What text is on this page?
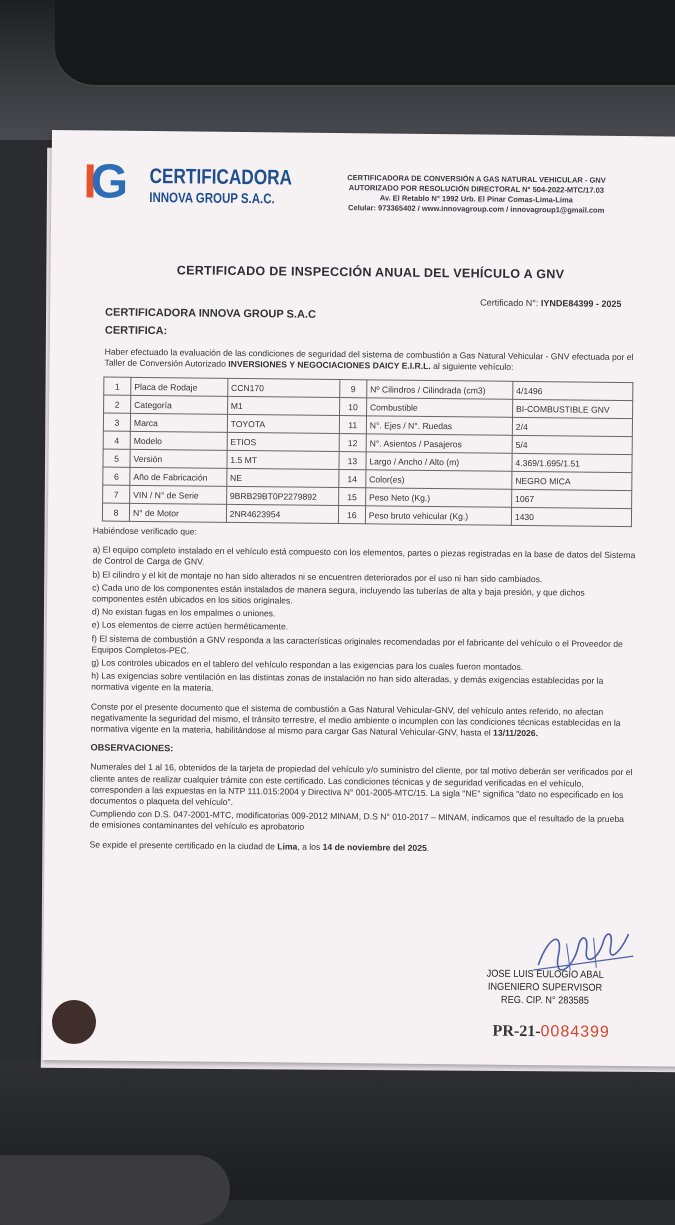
IG CERTIFICADORA
INNOVA GROUP S.A.C.
CERTIFICADORA DE CONVERSIÓN A GAS NATURAL VEHICULAR - GNV
AUTORIZADO POR RESOLUCIÓN DIRECTORAL N° 504-2022-MTC/17.03
Av. El Retablo N° 1992 Urb. El Pinar Comas-Lima-Lima
Celular: 973365402 / www.innovagroup.com / innovagroup1@gmail.com
CERTIFICADO DE INSPECCIÓN ANUAL DEL VEHÍCULO A GNV
Certificado N°: IYNDE84399 - 2025
CERTIFICADORA INNOVA GROUP S.A.C
CERTIFICA:
Haber efectuado la evaluación de las condiciones de seguridad del sistema de combustión a Gas Natural Vehicular - GNV efectuada por el Taller de Conversión Autorizado INVERSIONES Y NEGOCIACIONES DAICY E.I.R.L. al siguiente vehículo:
1	Placa de Rodaje	CCN170	9	Nº Cilindros / Cilindrada (cm3)	4/1496
2	Categoría	M1	10	Combustible	BI-COMBUSTIBLE GNV
3	Marca	TOYOTA	11	N°. Ejes / N°. Ruedas	2/4
4	Modelo	ETIOS	12	N°. Asientos / Pasajeros	5/4
5	Versión	1.5 MT	13	Largo / Ancho / Alto (m)	4.369/1.695/1.51
6	Año de Fabricación	NE	14	Color(es)	NEGRO MICA
7	VIN / N° de Serie	9BRB29BT0P2279892	15	Peso Neto (Kg.)	1067
8	N° de Motor	2NR4623954	16	Peso bruto vehicular (Kg.)	1430

Habiéndose verificado que:

a) El equipo completo instalado en el vehículo está compuesto con los elementos, partes o piezas registradas en la base de datos del Sistema de Control de Carga de GNV.

b) El cilindro y el kit de montaje no han sido alterados ni se encuentren deteriorados por el uso ni han sido cambiados.

c) Cada uno de los componentes están instalados de manera segura, incluyendo las tuberías de alta y baja presión, y que dichos componentes estén ubicados en los sitios originales.

d) No existan fugas en los empalmes o uniones.

e) Los elementos de cierre actúen herméticamente.

f) El sistema de combustión a GNV responda a las características originales recomendadas por el fabricante del vehículo o el Proveedor de Equipos Completos-PEC.

g) Los controles ubicados en el tablero del vehículo respondan a las exigencias para los cuales fueron montados.

h) Las exigencias sobre ventilación en las distintas zonas de instalación no han sido alteradas, y demás exigencias establecidas por la normativa vigente en la materia.

Conste por el presente documento que el sistema de combustión a Gas Natural Vehicular-GNV, del vehículo antes referido, no afectan negativamente la seguridad del mismo, el tránsito terrestre, el medio ambiente o incumplen con las condiciones técnicas establecidas en la normativa vigente en la materia, habilitándose al mismo para cargar Gas Natural Vehicular-GNV, hasta el 13/11/2026.

OBSERVACIONES:

Numerales del 1 al 16, obtenidos de la tarjeta de propiedad del vehículo y/o suministro del cliente, por tal motivo deberán ser verificados por el cliente antes de realizar cualquier trámite con este certificado. Las condiciones técnicas y de seguridad verificadas en el vehículo, corresponden a las expuestas en la NTP 111.015:2004 y Directiva N° 001-2005-MTC/15. La sigla "NE" significa "dato no especificado en los documentos o plaqueta del vehículo".

Cumpliendo con D.S. 047-2001-MTC, modificatorias 009-2012 MINAM, D.S N° 010-2017 – MINAM, indicamos que el resultado de la prueba de emisiones contaminantes del vehículo es aprobatorio

Se expide el presente certificado en la ciudad de Lima, a los 14 de noviembre del 2025.

JOSE LUIS EULOGIO ABAL
INGENIERO SUPERVISOR
REG. CIP. N° 283585
PR-21-0084399
